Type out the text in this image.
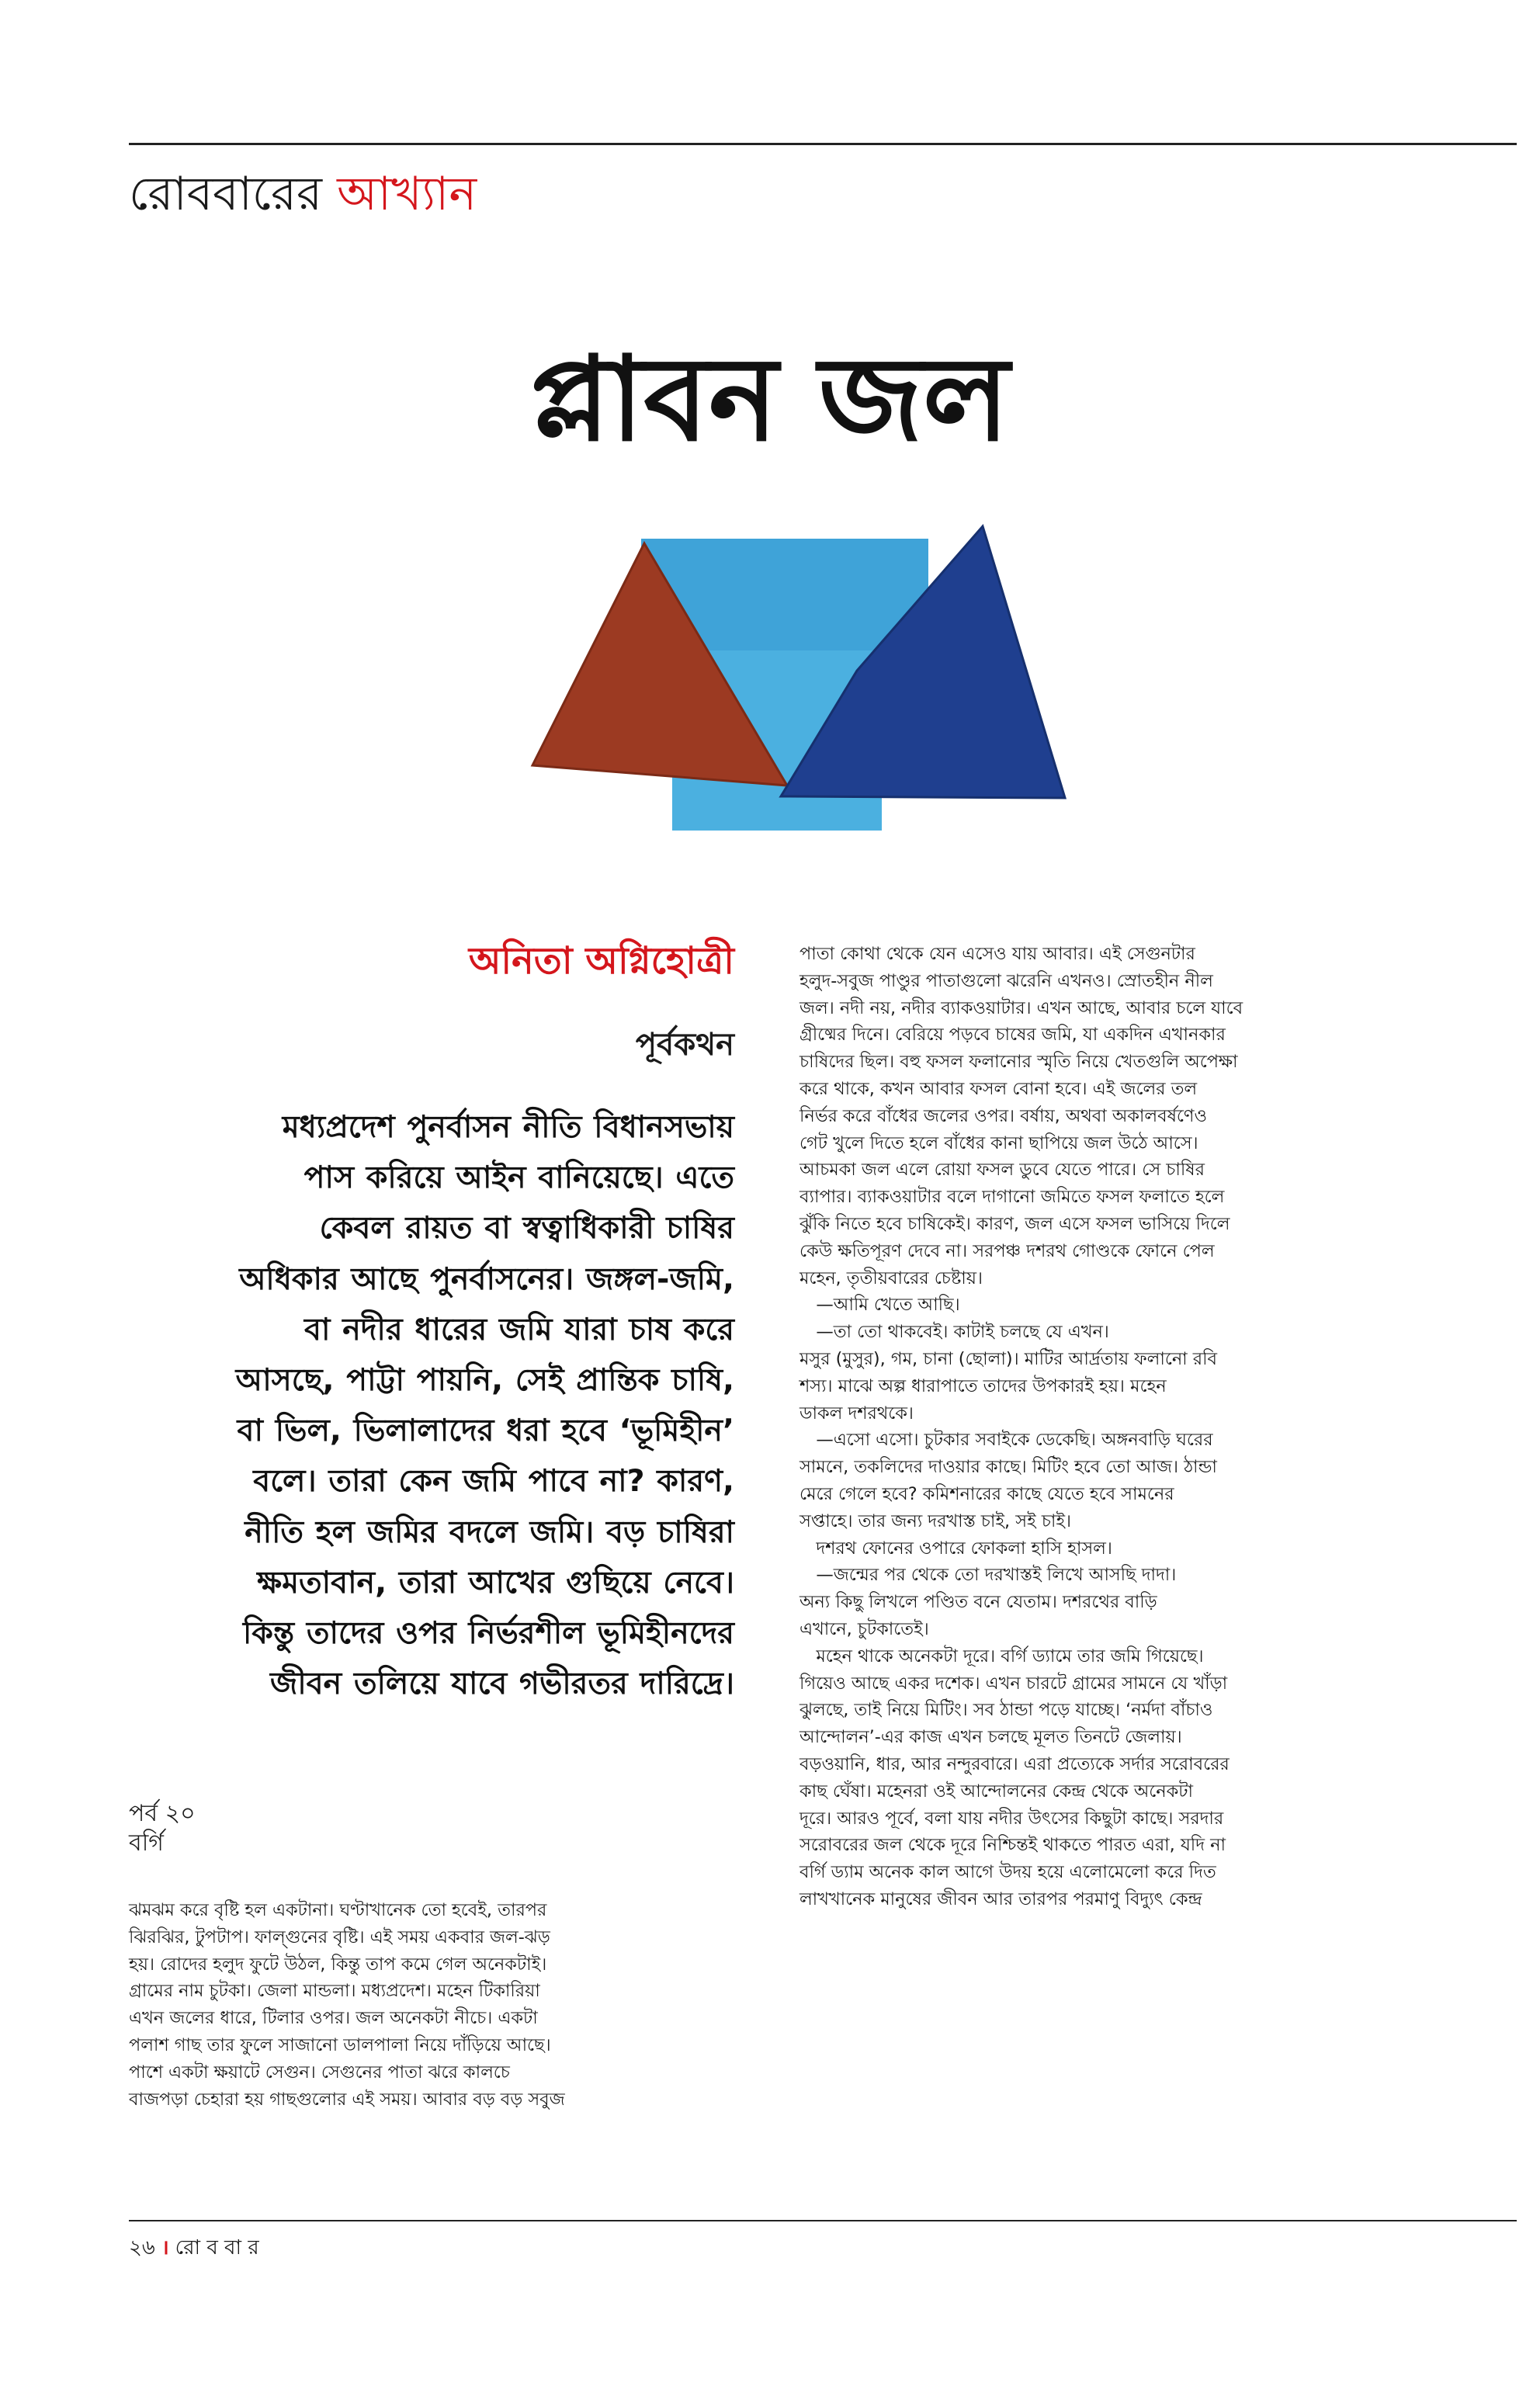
রোববারের আখ্যান
প্লাবন জল
অনিতা অগ্নিহোত্রী
পূর্বকথন
মধ্যপ্রদেশ পুনর্বাসন নীতি বিধানসভায়
পাস করিয়ে আইন বানিয়েছে। এতে
কেবল রায়ত বা স্বত্বাধিকারী চাষির
অধিকার আছে পুনর্বাসনের। জঙ্গল-জমি,
বা নদীর ধারের জমি যারা চাষ করে
আসছে, পাট্টা পায়নি, সেই প্রান্তিক চাষি,
বা ভিল, ভিলালাদের ধরা হবে ‘ভূমিহীন’
বলে। তারা কেন জমি পাবে না? কারণ,
নীতি হল জমির বদলে জমি। বড় চাষিরা
ক্ষমতাবান, তারা আখের গুছিয়ে নেবে।
কিন্তু তাদের ওপর নির্ভরশীল ভূমিহীনদের
জীবন তলিয়ে যাবে গভীরতর দারিদ্রে।
পর্ব ২০
বর্গি
ঝমঝম করে বৃষ্টি হল একটানা। ঘণ্টাখানেক তো হবেই, তারপর
ঝিরঝির, টুপটাপ। ফাল্গুনের বৃষ্টি। এই সময় একবার জল-ঝড়
হয়। রোদের হলুদ ফুটে উঠল, কিন্তু তাপ কমে গেল অনেকটাই।
গ্রামের নাম চুটকা। জেলা মান্ডলা। মধ্যপ্রদেশ। মহেন টিকারিয়া
এখন জলের ধারে, টিলার ওপর। জল অনেকটা নীচে। একটা
পলাশ গাছ তার ফুলে সাজানো ডালপালা নিয়ে দাঁড়িয়ে আছে।
পাশে একটা ক্ষয়াটে সেগুন। সেগুনের পাতা ঝরে কালচে
বাজপড়া চেহারা হয় গাছগুলোর এই সময়। আবার বড় বড় সবুজ
পাতা কোথা থেকে যেন এসেও যায় আবার। এই সেগুনটার
হলুদ-সবুজ পাণ্ডুর পাতাগুলো ঝরেনি এখনও। স্রোতহীন নীল
জল। নদী নয়, নদীর ব্যাকওয়াটার। এখন আছে, আবার চলে যাবে
গ্রীষ্মের দিনে। বেরিয়ে পড়বে চাষের জমি, যা একদিন এখানকার
চাষিদের ছিল। বহু ফসল ফলানোর স্মৃতি নিয়ে খেতগুলি অপেক্ষা
করে থাকে, কখন আবার ফসল বোনা হবে। এই জলের তল
নির্ভর করে বাঁধের জলের ওপর। বর্ষায়, অথবা অকালবর্ষণেও
গেট খুলে দিতে হলে বাঁধের কানা ছাপিয়ে জল উঠে আসে।
আচমকা জল এলে রোয়া ফসল ডুবে যেতে পারে। সে চাষির
ব্যাপার। ব্যাকওয়াটার বলে দাগানো জমিতে ফসল ফলাতে হলে
ঝুঁকি নিতে হবে চাষিকেই। কারণ, জল এসে ফসল ভাসিয়ে দিলে
কেউ ক্ষতিপূরণ দেবে না। সরপঞ্চ দশরথ গোণ্ডকে ফোনে পেল
মহেন, তৃতীয়বারের চেষ্টায়।
—আমি খেতে আছি।
—তা তো থাকবেই। কাটাই চলছে যে এখন।
মসুর (মুসুর), গম, চানা (ছোলা)। মাটির আর্দ্রতায় ফলানো রবি
শস্য। মাঝে অল্প ধারাপাতে তাদের উপকারই হয়। মহেন
ডাকল দশরথকে।
—এসো এসো। চুটকার সবাইকে ডেকেছি। অঙ্গনবাড়ি ঘরের
সামনে, তকলিদের দাওয়ার কাছে। মিটিং হবে তো আজ। ঠান্ডা
মেরে গেলে হবে? কমিশনারের কাছে যেতে হবে সামনের
সপ্তাহে। তার জন্য দরখাস্ত চাই, সই চাই।
দশরথ ফোনের ওপারে ফোকলা হাসি হাসল।
—জন্মের পর থেকে তো দরখাস্তই লিখে আসছি দাদা।
অন্য কিছু লিখলে পণ্ডিত বনে যেতাম। দশরথের বাড়ি
এখানে, চুটকাতেই।
মহেন থাকে অনেকটা দূরে। বর্গি ড্যামে তার জমি গিয়েছে।
গিয়েও আছে একর দশেক। এখন চারটে গ্রামের সামনে যে খাঁড়া
ঝুলছে, তাই নিয়ে মিটিং। সব ঠান্ডা পড়ে যাচ্ছে। ‘নর্মদা বাঁচাও
আন্দোলন’-এর কাজ এখন চলছে মূলত তিনটে জেলায়।
বড়ওয়ানি, ধার, আর নন্দুরবারে। এরা প্রত্যেকে সর্দার সরোবরের
কাছ ঘেঁষা। মহেনরা ওই আন্দোলনের কেন্দ্র থেকে অনেকটা
দূরে। আরও পূর্বে, বলা যায় নদীর উৎসের কিছুটা কাছে। সরদার
সরোবরের জল থেকে দূরে নিশ্চিন্তই থাকতে পারত এরা, যদি না
বর্গি ড্যাম অনেক কাল আগে উদয় হয়ে এলোমেলো করে দিত
লাখখানেক মানুষের জীবন আর তারপর পরমাণু বিদ্যুৎ কেন্দ্র
২৬ । রো ব বা র
